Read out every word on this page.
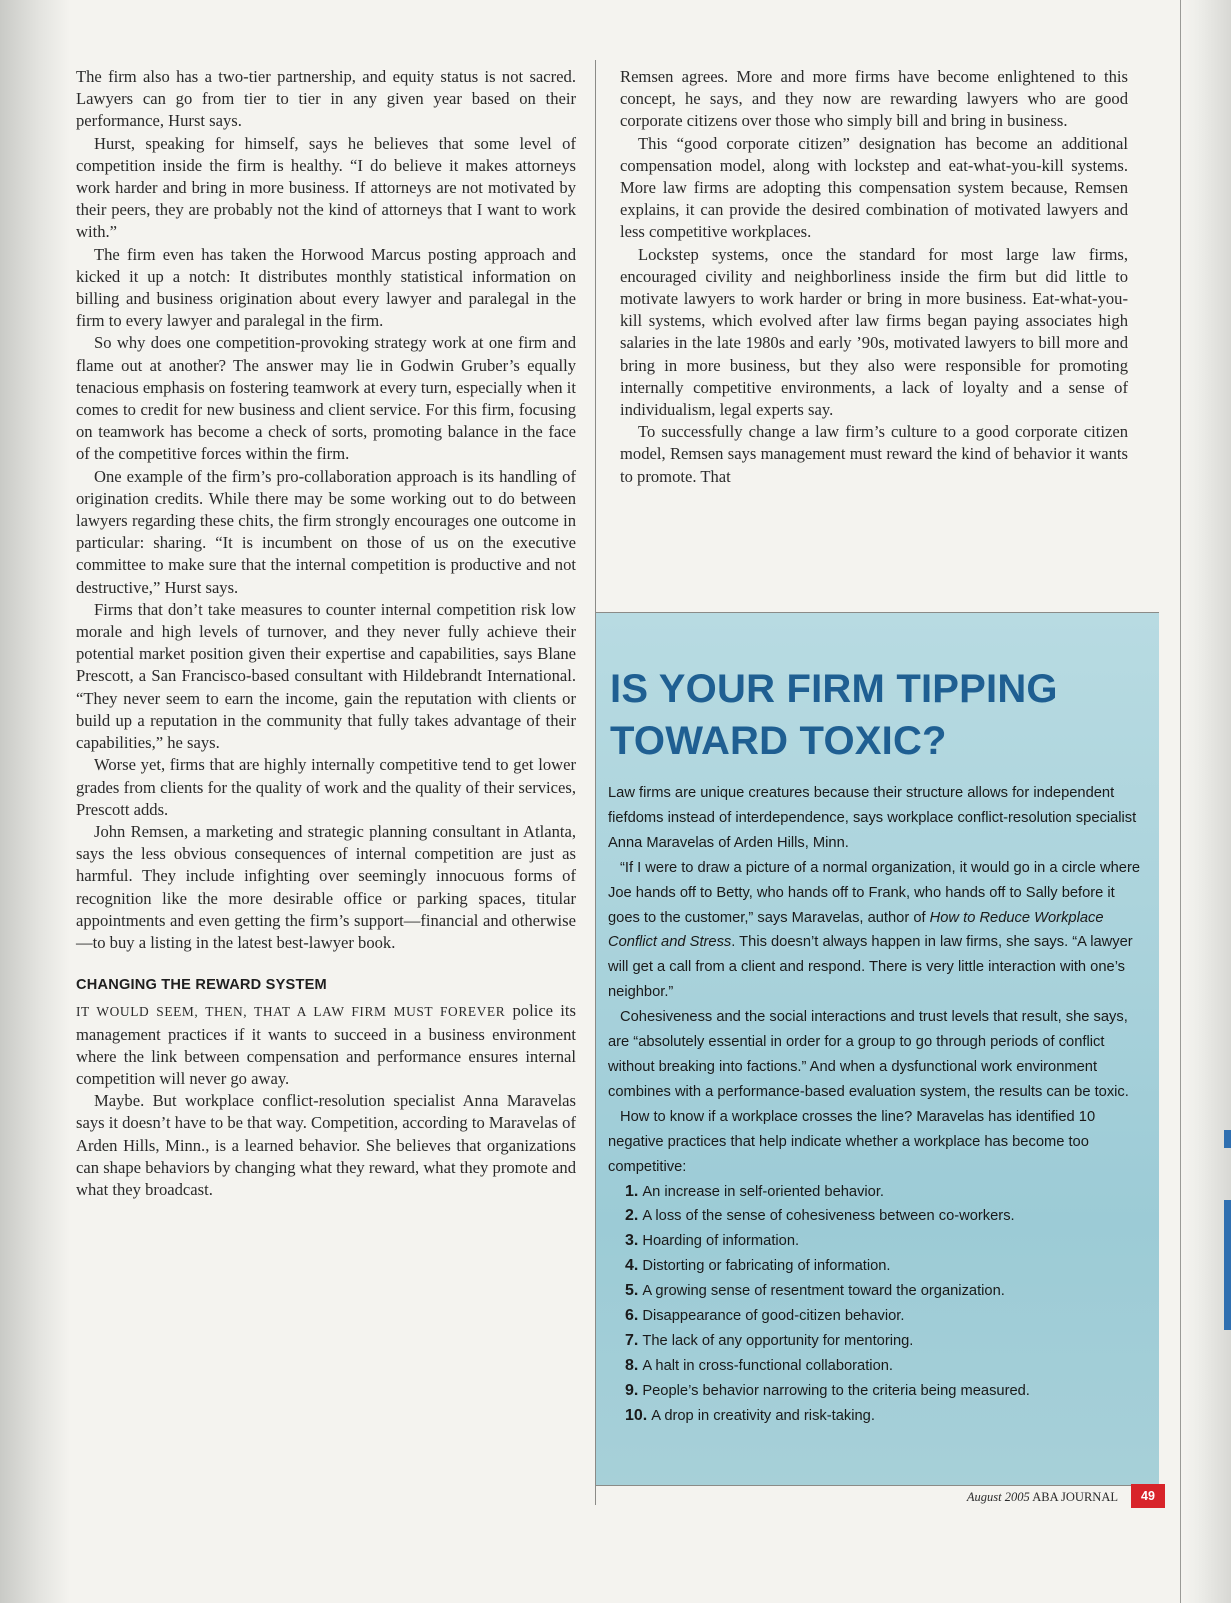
The firm also has a two-tier partnership, and equity status is not sacred. Lawyers can go from tier to tier in any given year based on their performance, Hurst says.

Hurst, speaking for himself, says he believes that some level of competition inside the firm is healthy. “I do believe it makes attorneys work harder and bring in more business. If attorneys are not motivated by their peers, they are probably not the kind of attorneys that I want to work with.”

The firm even has taken the Horwood Marcus posting approach and kicked it up a notch: It distributes monthly statistical information on billing and business origination about every lawyer and paralegal in the firm to every lawyer and paralegal in the firm.

So why does one competition-provoking strategy work at one firm and flame out at another? The answer may lie in Godwin Gruber’s equally tenacious emphasis on fostering teamwork at every turn, especially when it comes to credit for new business and client service. For this firm, focusing on teamwork has become a check of sorts, promoting balance in the face of the competitive forces within the firm.

One example of the firm’s pro-collaboration approach is its handling of origination credits. While there may be some working out to do between lawyers regarding these chits, the firm strongly encourages one outcome in particular: sharing. “It is incumbent on those of us on the executive committee to make sure that the internal competition is productive and not destructive,” Hurst says.

Firms that don’t take measures to counter internal competition risk low morale and high levels of turnover, and they never fully achieve their potential market position given their expertise and capabilities, says Blane Prescott, a San Francisco-based consultant with Hildebrandt International. “They never seem to earn the income, gain the reputation with clients or build up a reputation in the community that fully takes advantage of their capabilities,” he says.

Worse yet, firms that are highly internally competitive tend to get lower grades from clients for the quality of work and the quality of their services, Prescott adds.

John Remsen, a marketing and strategic planning consultant in Atlanta, says the less obvious consequences of internal competition are just as harmful. They include infighting over seemingly innocuous forms of recognition like the more desirable office or parking spaces, titular appointments and even getting the firm’s support—financial and otherwise—to buy a listing in the latest best-lawyer book.

CHANGING THE REWARD SYSTEM

IT WOULD SEEM, THEN, THAT A LAW FIRM MUST FOREVER police its management practices if it wants to succeed in a business environment where the link between compensation and performance ensures internal competition will never go away.

Maybe. But workplace conflict-resolution specialist Anna Maravelas says it doesn’t have to be that way. Competition, according to Maravelas of Arden Hills, Minn., is a learned behavior. She believes that organizations can shape behaviors by changing what they reward, what they promote and what they broadcast.

Remsen agrees. More and more firms have become enlightened to this concept, he says, and they now are rewarding lawyers who are good corporate citizens over those who simply bill and bring in business.

This “good corporate citizen” designation has become an additional compensation model, along with lockstep and eat-what-you-kill systems. More law firms are adopting this compensation system because, Remsen explains, it can provide the desired combination of motivated lawyers and less competitive workplaces.

Lockstep systems, once the standard for most large law firms, encouraged civility and neighborliness inside the firm but did little to motivate lawyers to work harder or bring in more business. Eat-what-you-kill systems, which evolved after law firms began paying associates high salaries in the late 1980s and early ’90s, motivated lawyers to bill more and bring in more business, but they also were responsible for promoting internally competitive environments, a lack of loyalty and a sense of individualism, legal experts say.

To successfully change a law firm’s culture to a good corporate citizen model, Remsen says management must reward the kind of behavior it wants to promote. That

IS YOUR FIRM TIPPING
TOWARD TOXIC?

Law firms are unique creatures because their structure allows for independent fiefdoms instead of interdependence, says workplace conflict-resolution specialist Anna Maravelas of Arden Hills, Minn.

“If I were to draw a picture of a normal organization, it would go in a circle where Joe hands off to Betty, who hands off to Frank, who hands off to Sally before it goes to the customer,” says Maravelas, author of How to Reduce Workplace Conflict and Stress. This doesn’t always happen in law firms, she says. “A lawyer will get a call from a client and respond. There is very little interaction with one’s neighbor.”

Cohesiveness and the social interactions and trust levels that result, she says, are “absolutely essential in order for a group to go through periods of conflict without breaking into factions.” And when a dysfunctional work environment combines with a performance-based evaluation system, the results can be toxic.

How to know if a workplace crosses the line? Maravelas has identified 10 negative practices that help indicate whether a workplace has become too competitive:

1. An increase in self-oriented behavior.
2. A loss of the sense of cohesiveness between co-workers.
3. Hoarding of information.
4. Distorting or fabricating of information.
5. A growing sense of resentment toward the organization.
6. Disappearance of good-citizen behavior.
7. The lack of any opportunity for mentoring.
8. A halt in cross-functional collaboration.
9. People’s behavior narrowing to the criteria being measured.
10. A drop in creativity and risk-taking.
August 2005 ABA JOURNAL	49
